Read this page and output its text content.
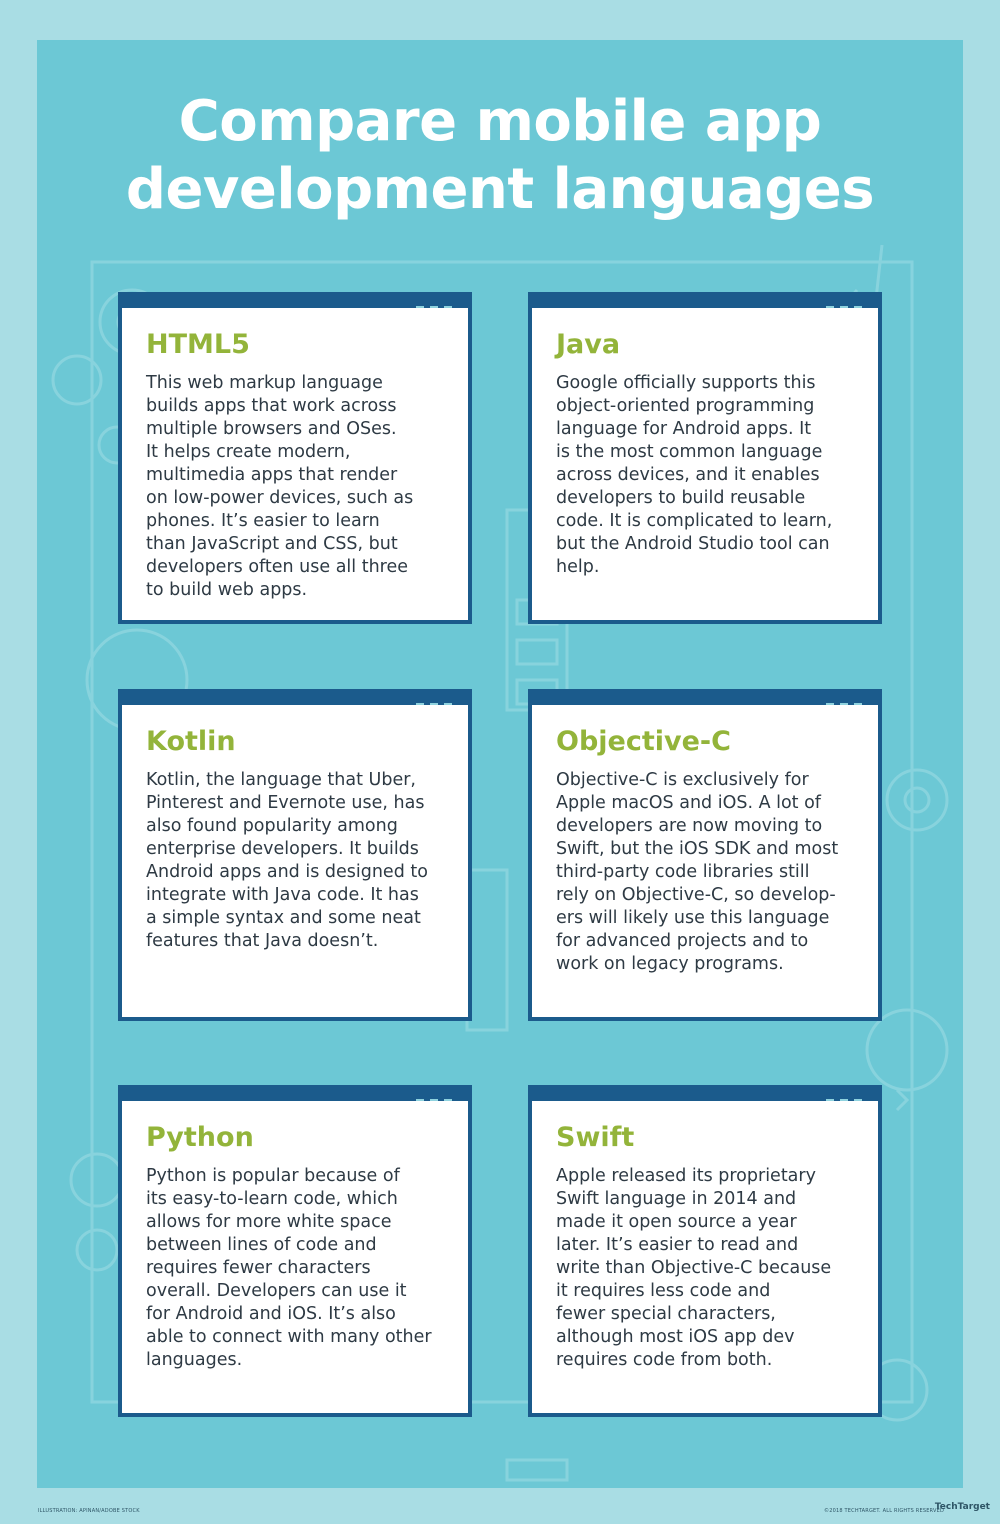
Compare mobile app
development languages
HTML5

This web markup language
builds apps that work across
multiple browsers and OSes.
It helps create modern,
multimedia apps that render
on low-power devices, such as
phones. It’s easier to learn
than JavaScript and CSS, but
developers often use all three
to build web apps.

Java

Google officially supports this
object-oriented programming
language for Android apps. It
is the most common language
across devices, and it enables
developers to build reusable
code. It is complicated to learn,
but the Android Studio tool can
help.

Kotlin

Kotlin, the language that Uber,
Pinterest and Evernote use, has
also found popularity among
enterprise developers. It builds
Android apps and is designed to
integrate with Java code. It has
a simple syntax and some neat
features that Java doesn’t.

Objective-C

Objective-C is exclusively for
Apple macOS and iOS. A lot of
developers are now moving to
Swift, but the iOS SDK and most
third-party code libraries still
rely on Objective-C, so develop-
ers will likely use this language
for advanced projects and to
work on legacy programs.

Python

Python is popular because of
its easy-to-learn code, which
allows for more white space
between lines of code and
requires fewer characters
overall. Developers can use it
for Android and iOS. It’s also
able to connect with many other
languages.

Swift

Apple released its proprietary
Swift language in 2014 and
made it open source a year
later. It’s easier to read and
write than Objective-C because
it requires less code and
fewer special characters,
although most iOS app dev
requires code from both.

ILLUSTRATION: APINAN/ADOBE STOCK	©2018 TECHTARGET. ALL RIGHTS RESERVED
TechTarget
